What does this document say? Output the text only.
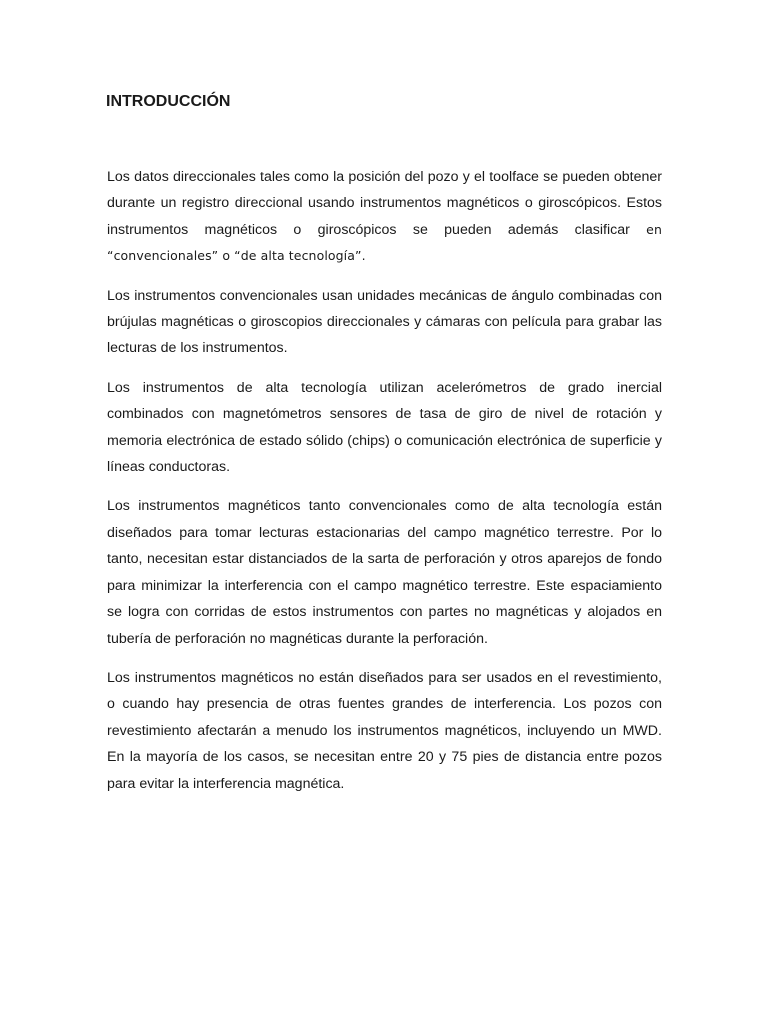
INTRODUCCIÓN

Los datos direccionales tales como la posición del pozo y el toolface se pueden obtener durante un registro direccional usando instrumentos magnéticos o giroscópicos. Estos instrumentos magnéticos o giroscópicos se pueden además clasificar en “convencionales” o “de alta tecnología”.

Los instrumentos convencionales usan unidades mecánicas de ángulo combinadas con brújulas magnéticas o giroscopios direccionales y cámaras con película para grabar las lecturas de los instrumentos.

Los instrumentos de alta tecnología utilizan acelerómetros de grado inercial combinados con magnetómetros sensores de tasa de giro de nivel de rotación y memoria electrónica de estado sólido (chips) o comunicación electrónica de superficie y líneas conductoras.

Los instrumentos magnéticos tanto convencionales como de alta tecnología están diseñados para tomar lecturas estacionarias del campo magnético terrestre. Por lo tanto, necesitan estar distanciados de la sarta de perforación y otros aparejos de fondo para minimizar la interferencia con el campo magnético terrestre. Este espaciamiento se logra con corridas de estos instrumentos con partes no magnéticas y alojados en tubería de perforación no magnéticas durante la perforación.

Los instrumentos magnéticos no están diseñados para ser usados en el revestimiento, o cuando hay presencia de otras fuentes grandes de interferencia. Los pozos con revestimiento afectarán a menudo los instrumentos magnéticos, incluyendo un MWD. En la mayoría de los casos, se necesitan entre 20 y 75 pies de distancia entre pozos para evitar la interferencia magnética.
